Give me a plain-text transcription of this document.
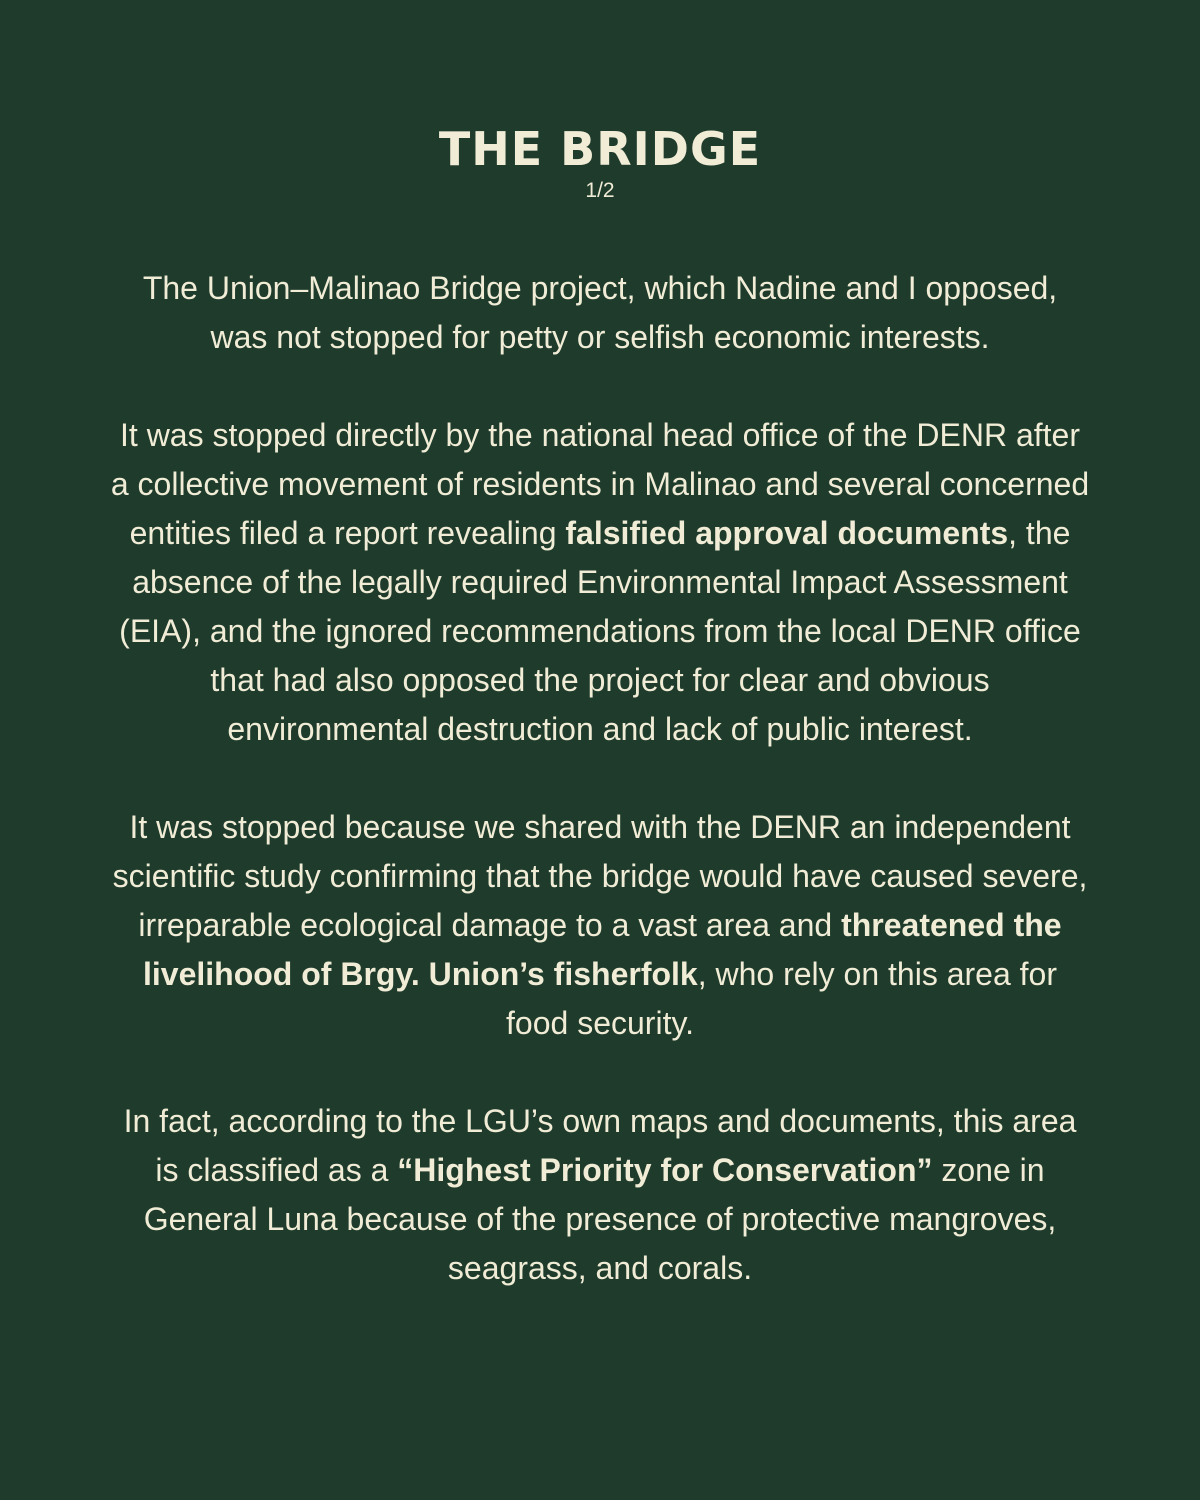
THE BRIDGE
1/2

The Union–Malinao Bridge project, which Nadine and I opposed, was not stopped for petty or selfish economic interests.

It was stopped directly by the national head office of the DENR after a collective movement of residents in Malinao and several concerned entities filed a report revealing falsified approval documents, the absence of the legally required Environmental Impact Assessment (EIA), and the ignored recommendations from the local DENR office that had also opposed the project for clear and obvious environmental destruction and lack of public interest.

It was stopped because we shared with the DENR an independent scientific study confirming that the bridge would have caused severe, irreparable ecological damage to a vast area and threatened the livelihood of Brgy. Union’s fisherfolk, who rely on this area for food security.

In fact, according to the LGU’s own maps and documents, this area is classified as a “Highest Priority for Conservation” zone in General Luna because of the presence of protective mangroves, seagrass, and corals.
